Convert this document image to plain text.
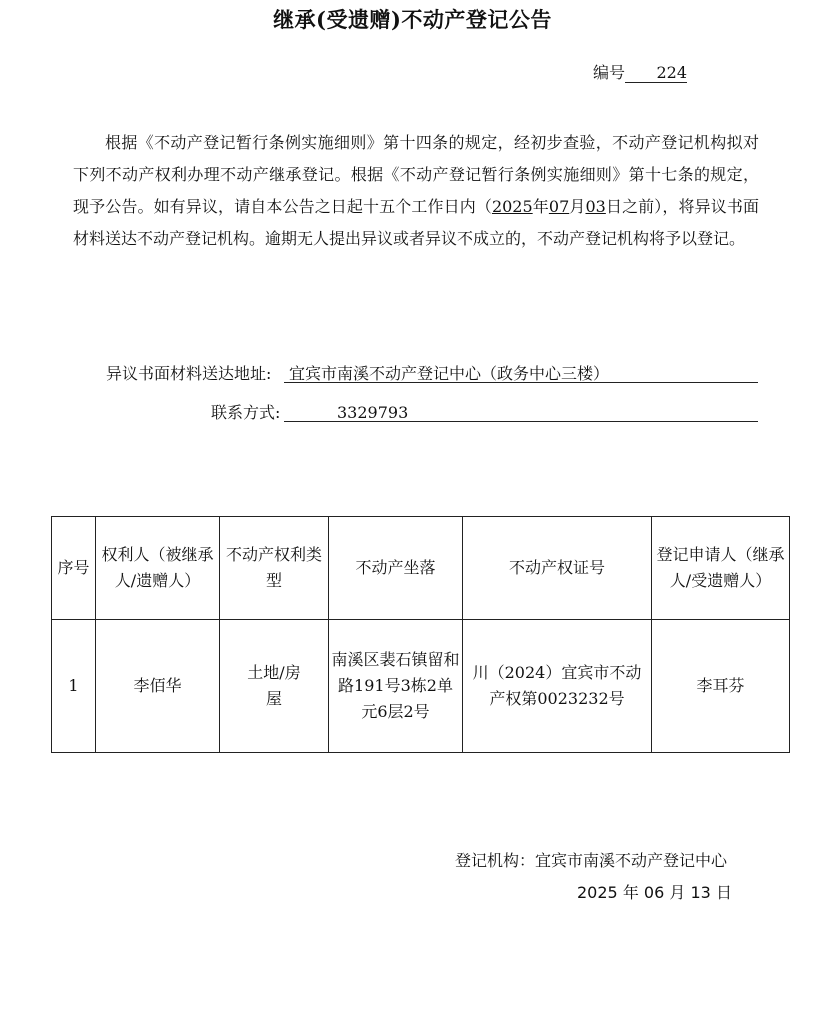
继承(受遗赠)不动产登记公告
编号 224
根据《不动产登记暂行条例实施细则》第十四条的规定，经初步查验，不动产登记机构拟对下列不动产权利办理不动产继承登记。根据《不动产登记暂行条例实施细则》第十七条的规定，现予公告。如有异议，请自本公告之日起十五个工作日内（2025年07月03日之前），将异议书面材料送达不动产登记机构。逾期无人提出异议或者异议不成立的，不动产登记机构将予以登记。
异议书面材料送达地址:	宜宾市南溪不动产登记中心（政务中心三楼）
联系方式:	3329793
序号	权利人（被继承人/遗赠人）	不动产权利类型	不动产坐落	不动产权证号	登记申请人（继承人/受遗赠人）
1	李佰华	土地/房屋	南溪区裴石镇留和路191号3栋2单元6层2号	川（2024）宜宾市不动产权第0023232号	李耳芬
登记机构：宜宾市南溪不动产登记中心
2025 年 06 月 13 日
